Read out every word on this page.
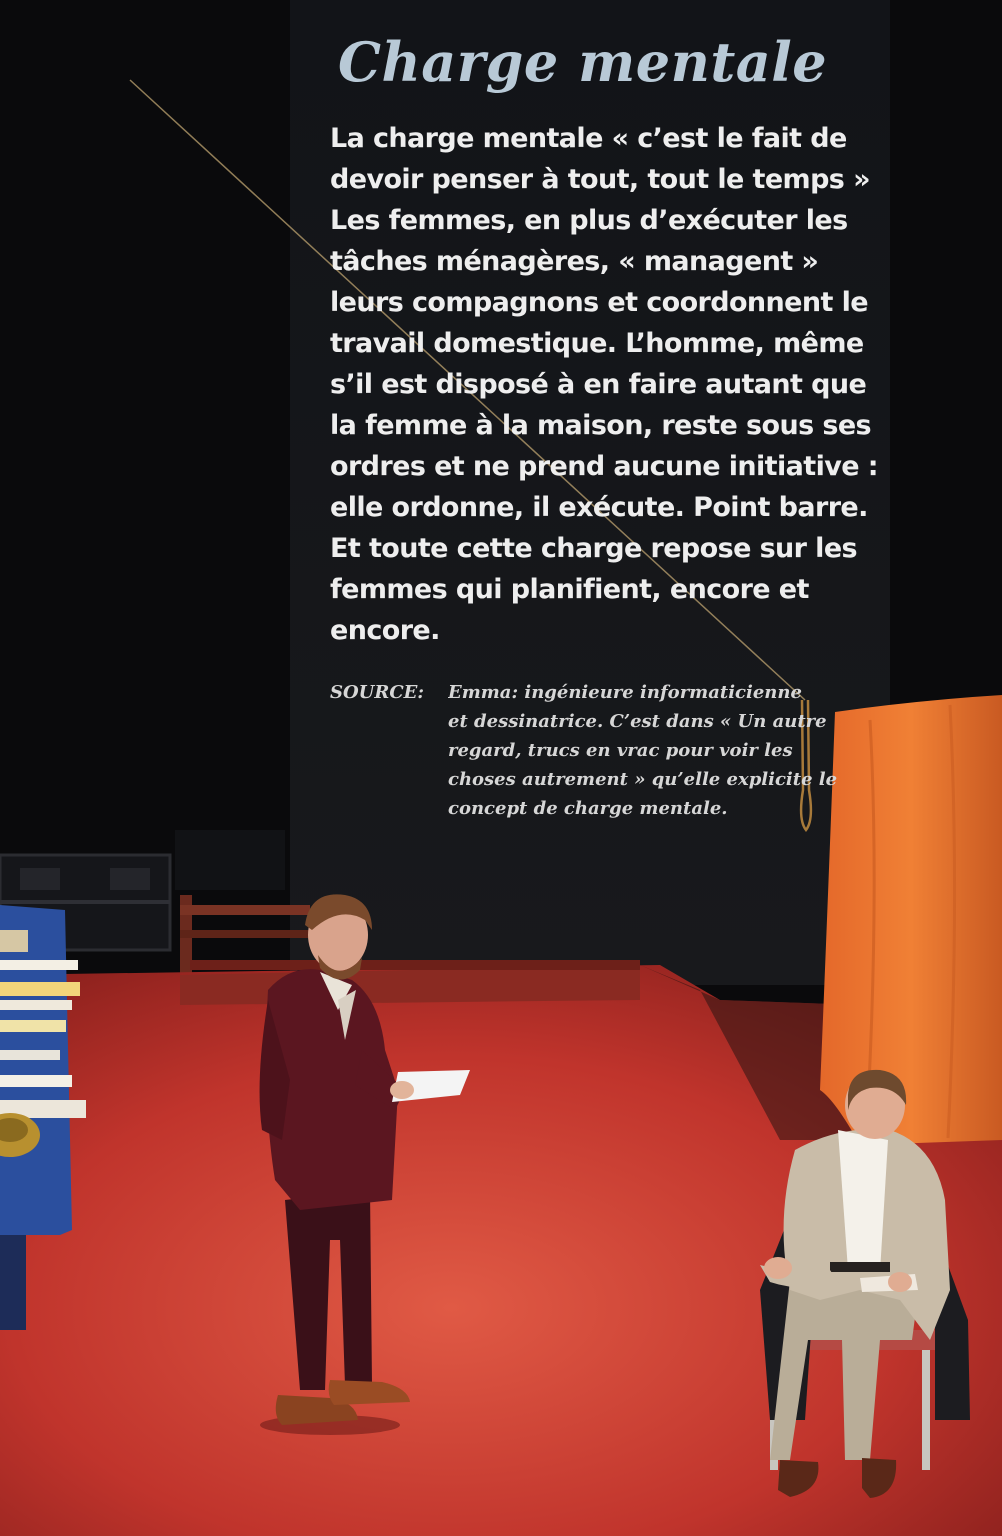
Charge mentale

La charge mentale « c’est le fait de
devoir penser à tout, tout le temps »
Les femmes, en plus d’exécuter les
tâches ménagères, « managent »
leurs compagnons et coordonnent le
travail domestique. L’homme, même
s’il est disposé à en faire autant que
la femme à la maison, reste sous ses
ordres et ne prend aucune initiative :
elle ordonne, il exécute. Point barre.
Et toute cette charge repose sur les
femmes qui planifient, encore et
encore.

SOURCE: Emma: ingénieure informaticienne
et dessinatrice. C’est dans « Un autre
regard, trucs en vrac pour voir les
choses autrement » qu’elle explicite le
concept de charge mentale.
